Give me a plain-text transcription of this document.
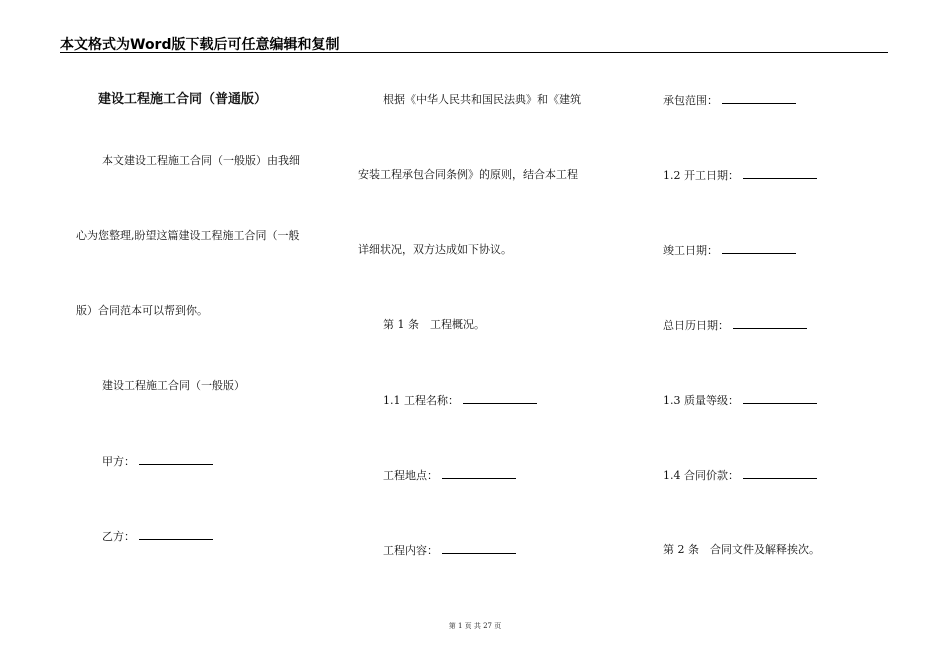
本文格式为Word版下载后可任意编辑和复制
建设工程施工合同（普通版）
本文建设工程施工合同（一般版）由我细
心为您整理,盼望这篇建设工程施工合同（一般
版）合同范本可以帮到你。
建设工程施工合同（一般版）
甲方：
乙方：
根据《中华人民共和国民法典》和《建筑
安装工程承包合同条例》的原则，结合本工程
详细状况，双方达成如下协议。
第 1 条　工程概况。
1.1 工程名称：
工程地点：
工程内容：
承包范围：
1.2 开工日期：
竣工日期：
总日历日期：
1.3 质量等级：
1.4 合同价款：
第 2 条　合同文件及解释挨次。
第 1 页 共 27 页
